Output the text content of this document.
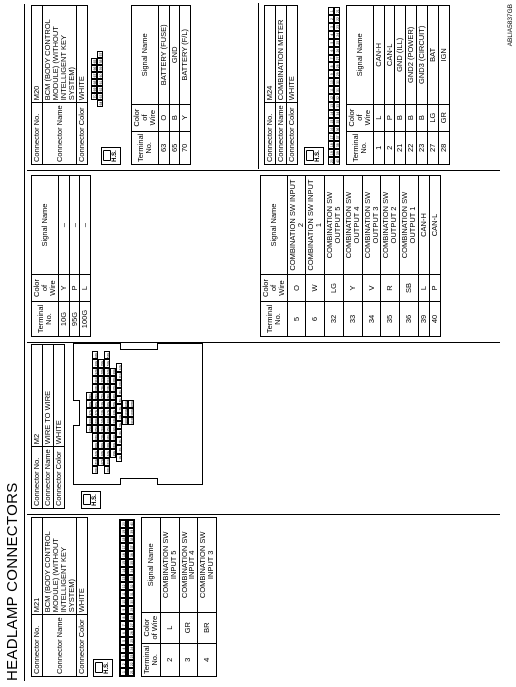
HEADLAMP CONNECTORS Connector No.	M21
Connector Name	BCM (BODY CONTROL MODULE) (WITHOUT INTELLIGENT KEY SYSTEM)
Connector Color	WHITE
H.S.	1
2
3
4
5
6
7
8
9
10
11
12
13
14
15
16
17
18
19
20
21
22
23
24
25
26
27
28
29
30
31
32
33
34
35
36
37
38
39
40
Terminal No.	Color of Wire	Signal Name
2	L	COMBINATION SW INPUT 5
3	GR	COMBINATION SW INPUT 4
4	BR	COMBINATION SW INPUT 3
Connector No.	M2
Connector Name	WIRE TO WIRE
Connector Color	WHITE
H.S.
95G
96G
97G
98G
99G
80G
81G
82G
83G
84G
85G
86G
87G
88G
89G
90G
91G
92G
93G
94G
67G
68G
69G
70G
71G
72G
73G
74G
75G
76G
77G
78G
79G
40G
41G
42G
43G
44G
45G
46G
47G
48G
49G
50G
51G
52G
53G
54G
29G
30G
31G
32G
33G
34G
35G
36G
37G
38G
39G
1G
2G
3G
4G
5G
6G
7G
8G
9G
10G
11G
12G
100G
101G
102G
103G
104G
105G
Terminal No.	Color of Wire	Signal Name
10G	Y	–
95G	P	–
100G	L	–
Terminal No.	Color of Wire	Signal Name
5	O	COMBINATION SW INPUT 2
6	W	COMBINATION SW INPUT 1
32	LG	COMBINATION SW OUTPUT 5
33	Y	COMBINATION SW OUTPUT 4
34	V	COMBINATION SW OUTPUT 3
35	R	COMBINATION SW OUTPUT 2
36	SB	COMBINATION SW OUTPUT 1
39	L	CAN-H
40	P	CAN-L
Connector No.	M20
Connector Name	BCM (BODY CONTROL MODULE) (WITHOUT INTELLIGENT KEY SYSTEM)
Connector Color	WHITE
H.S.
70
69
68
67
66
65
64
63
62
61
60
59
58
57
Terminal No.	Color of Wire	Signal Name
63	O	BATTERY (FUSE)
65	B	GND
70	Y	BATTERY (F/L)
Connector No.	M24
Connector Name	COMBINATION METER
Connector Color	WHITE
H.S.	20
19
18
17
16
15
14
13
12
11
10
9
8
7
6
5
4
3
2
1
40
39
38
37
36
35
34
33
32
31
30
29
28
27
26
25
24
23
22
21
Terminal No.	Color of Wire	Signal Name
1	L	CAN-H
2	P	CAN-L
21	B	GND (ILL)
22	B	GND2 (POWER)
23	B	GND3 (CIRCUIT)
27	LG	BAT
28	GR	IGN
ABLIA5837GB
